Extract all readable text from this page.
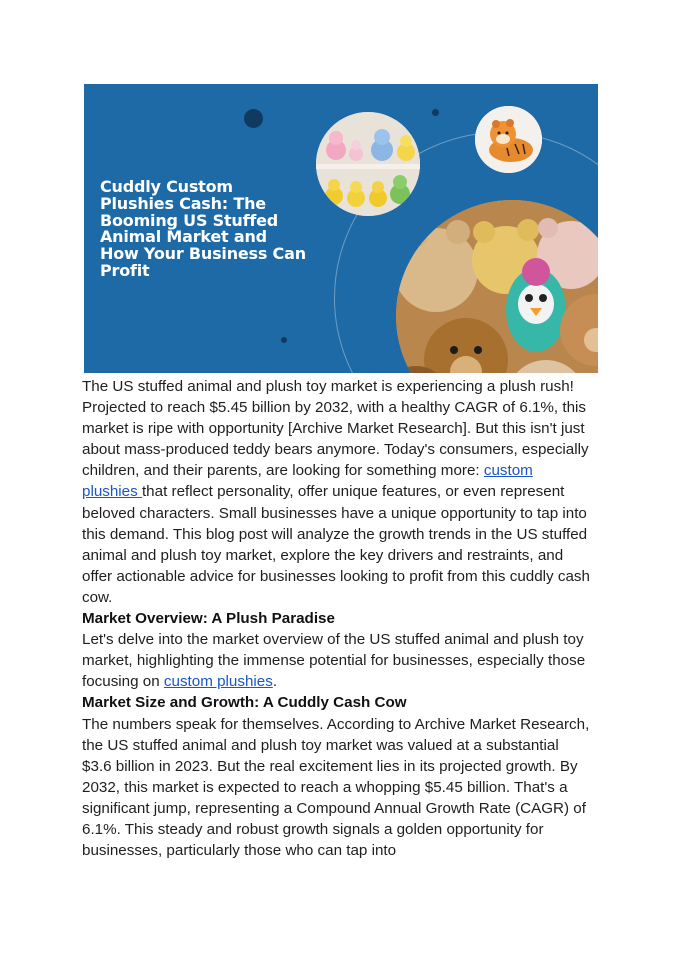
Cuddly Custom
Plushies Cash: The
Booming US Stuffed
Animal Market and
How Your Business Can
Profit

The US stuffed animal and plush toy market is experiencing a plush rush! Projected to reach $5.45 billion by 2032, with a healthy CAGR of 6.1%, this market is ripe with opportunity [Archive Market Research]. But this isn't just about mass-produced teddy bears anymore. Today's consumers, especially children, and their parents, are looking for something more: custom plushies that reflect personality, offer unique features, or even represent beloved characters. Small businesses have a unique opportunity to tap into this demand. This blog post will analyze the growth trends in the US stuffed animal and plush toy market, explore the key drivers and restraints, and offer actionable advice for businesses looking to profit from this cuddly cash cow.

Market Overview: A Plush Paradise

Let's delve into the market overview of the US stuffed animal and plush toy market, highlighting the immense potential for businesses, especially those focusing on custom plushies.

Market Size and Growth: A Cuddly Cash Cow

The numbers speak for themselves. According to Archive Market Research, the US stuffed animal and plush toy market was valued at a substantial $3.6 billion in 2023. But the real excitement lies in its projected growth. By 2032, this market is expected to reach a whopping $5.45 billion. That's a significant jump, representing a Compound Annual Growth Rate (CAGR) of 6.1%. This steady and robust growth signals a golden opportunity for businesses, particularly those who can tap into
